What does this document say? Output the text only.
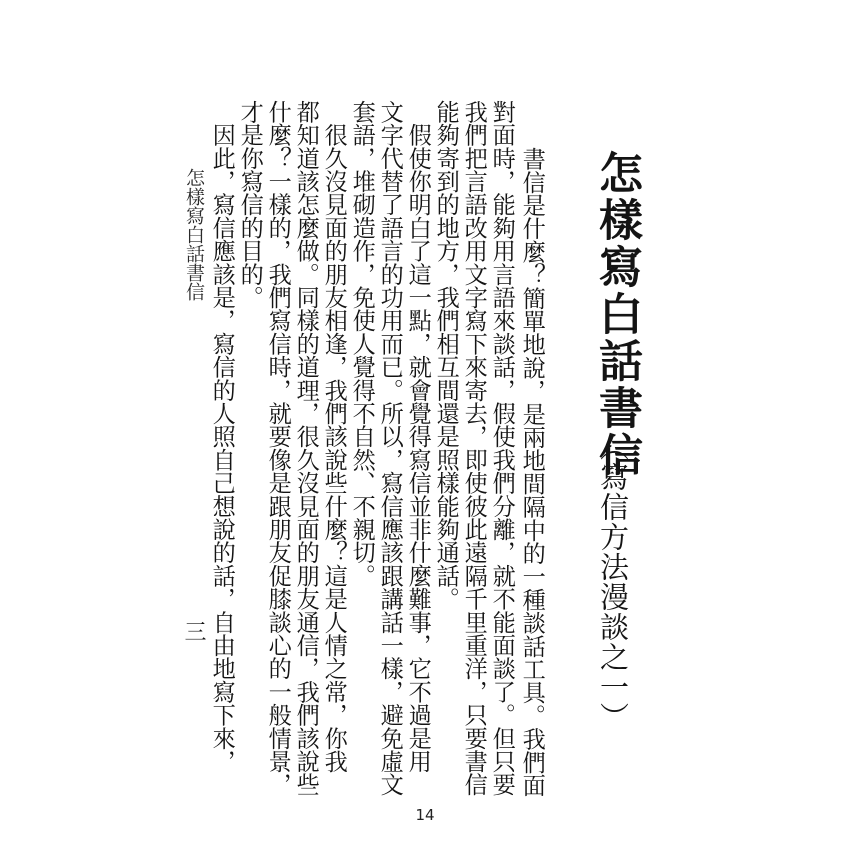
怎樣寫白話書信
（寫信方法漫談之一）
　書信是什麼？簡單地說，是兩地間隔中的一種談話工具。我們面
對面時，能夠用言語來談話，假使我們分離，就不能面談了。但只要
我們把言語改用文字寫下來寄去，即使彼此遠隔千里重洋，只要書信
能夠寄到的地方，我們相互間還是照樣能夠通話。
　假使你明白了這一點，就會覺得寫信並非什麼難事，它不過是用
文字代替了語言的功用而已。所以，寫信應該跟講話一樣，避免虛文
套語，堆砌造作，免使人覺得不自然、不親切。
　很久沒見面的朋友相逢，我們該說些什麼？這是人情之常，你我
都知道該怎麼做。同樣的道理，很久沒見面的朋友通信，我們該說些
什麼？一樣的，我們寫信時，就要像是跟朋友促膝談心的一般情景，
才是你寫信的目的。
　因此，寫信應該是，寫信的人照自己想說的話，自由地寫下來，
怎樣寫白話書信
三
14
